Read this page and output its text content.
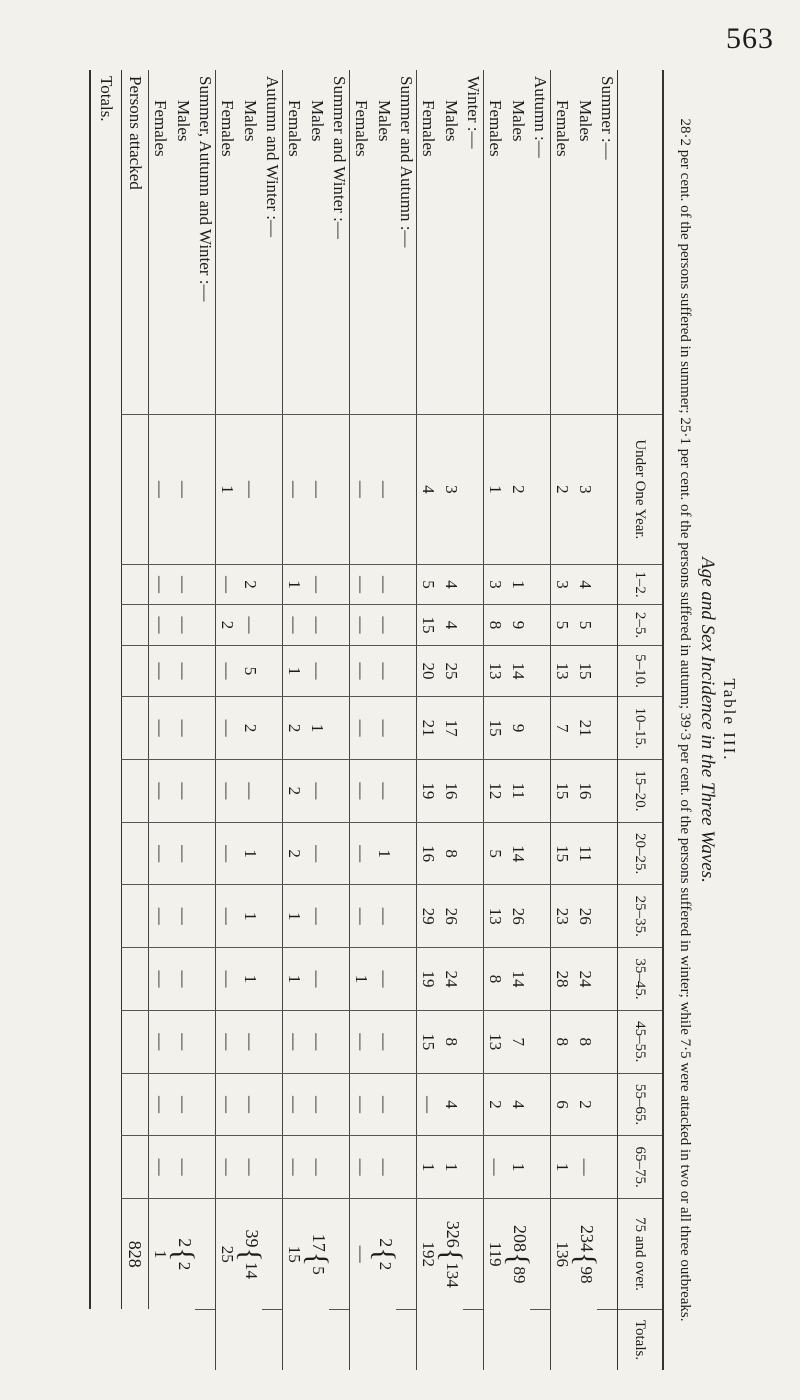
563
Table III.
Age and Sex Incidence in the Three Waves.
28·2 per cent. of the persons suffered in summer; 25·1 per cent. of the persons suffered in autumn; 39·3 per cent. of the persons suffered in winter; while 7·5 were attacked in two or all three outbreaks.
	Under One Year.	1–2.	2–5.	5–10.	10–15.	15–20.	20–25.	25–35.	35–45.	45–55.	55–65.	65–75.	75 and over.	Totals.
Summer :—														
Males	3	4	5	15	21	16	11	26	24	8	2	—	234{98	
Females	2	3	5	13	7	15	15	23	28	8	6	1	136	
Autumn :—														
Males	2	1	9	14	9	11	14	26	14	7	4	1	208{89	
Females	1	3	8	13	15	12	5	13	8	13	2	—	119	
Winter :—														
Males	3	4	4	25	17	16	8	26	24	8	4	1	326{134	
Females	4	5	15	20	21	19	16	29	19	15	—	1	192	
Summer and Autumn :—														
Males	—	—	—	—	—	—	1	—	—	—	—	—	2{2	
Females	—	—	—	—	—	—	—	—	1	—	—	—	—	
Summer and Winter :—														
Males	—	—	—	—	1	—	—	—	—	—	—	—	17{5	
Females	—	1	—	1	2	2	2	1	1	—	—	—	15	
Autumn and Winter :—														
Males	—	2	—	5	2	—	1	1	1	—	—	—	39{14	
Females	1	—	2	—	—	—	—	—	—	—	—	—	25	
Summer, Autumn and Winter :—														
Males	—	—	—	—	—	—	—	—	—	—	—	—	2{2	
Females	—	—	—	—	—	—	—	—	—	—	—	—	1	
Persons attacked													828	
Totals.														
